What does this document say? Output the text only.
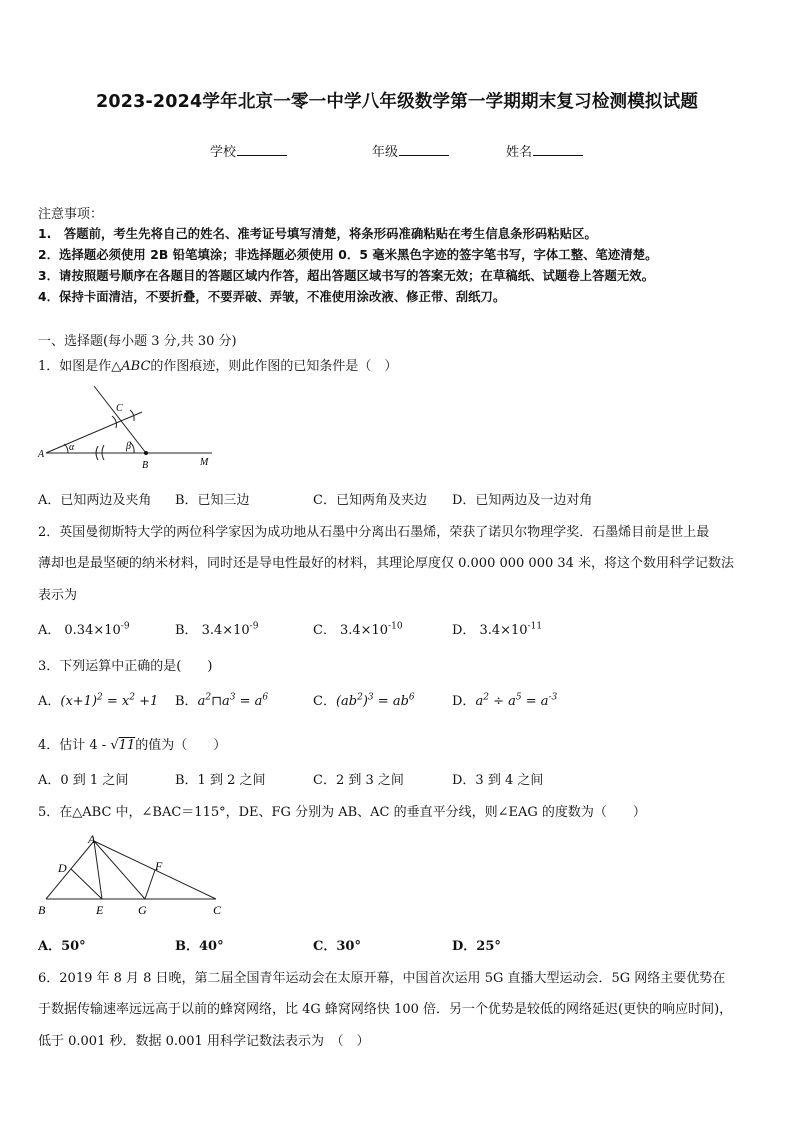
2023-2024学年北京一零一中学八年级数学第一学期期末复习检测模拟试题
学校	年级	姓名
注意事项：
1.　答题前，考生先将自己的姓名、准考证号填写清楚，将条形码准确粘贴在考生信息条形码粘贴区。
2．选择题必须使用 2B 铅笔填涂；非选择题必须使用 0．5 毫米黑色字迹的签字笔书写，字体工整、笔迹清楚。
3．请按照题号顺序在各题目的答题区域内作答，超出答题区域书写的答案无效；在草稿纸、试题卷上答题无效。
4．保持卡面清洁，不要折叠，不要弄破、弄皱，不准使用涂改液、修正带、刮纸刀。
一、选择题(每小题 3 分,共 30 分)
1．如图是作△ABC的作图痕迹，则此作图的已知条件是（　）
A
B
C
M
α	β
A．已知两边及夹角 B．已知三边	C．已知两角及夹边 D．已知两边及一边对角
2．英国曼彻斯特大学的两位科学家因为成功地从石墨中分离出石墨烯，荣获了诺贝尔物理学奖．石墨烯目前是世上最
薄却也是最坚硬的纳米材料，同时还是导电性最好的材料，其理论厚度仅 0.000 000 000 34 米，将这个数用科学记数法
表示为
A． $0.34\times 10^{-9}$	B． $3.4\times 10^{-9}$	C． $3.4\times 10^{-10}$	D． $3.4\times 10^{-11}$
3．下列运算中正确的是(　　)
A．$(x+1)^2 = x^2 +1$ B．$a^2⊓a^3 = a^6$	C．$(ab^2)^3 = ab^6$	D．$a^2 \div a^5 = a^{-3}$
4．估计 4 - √11的值为（　　）
A．0 到 1 之间	B．1 到 2 之间	C．2 到 3 之间	D．3 到 4 之间
5．在△ABC 中，∠BAC＝115°，DE、FG 分别为 AB、AC 的垂直平分线，则∠EAG 的度数为（　　）
A
B	C
D
E
F
G
A．50°	B．40°	C．30°	D．25°
6．2019 年 8 月 8 日晚，第二届全国青年运动会在太原开幕，中国首次运用 5G 直播大型运动会．5G 网络主要优势在
于数据传输速率远远高于以前的蜂窝网络，比 4G 蜂窝网络快 100 倍．另一个优势是较低的网络延迟(更快的响应时间)，
低于 0.001 秒．数据 0.001 用科学记数法表示为　（　）
